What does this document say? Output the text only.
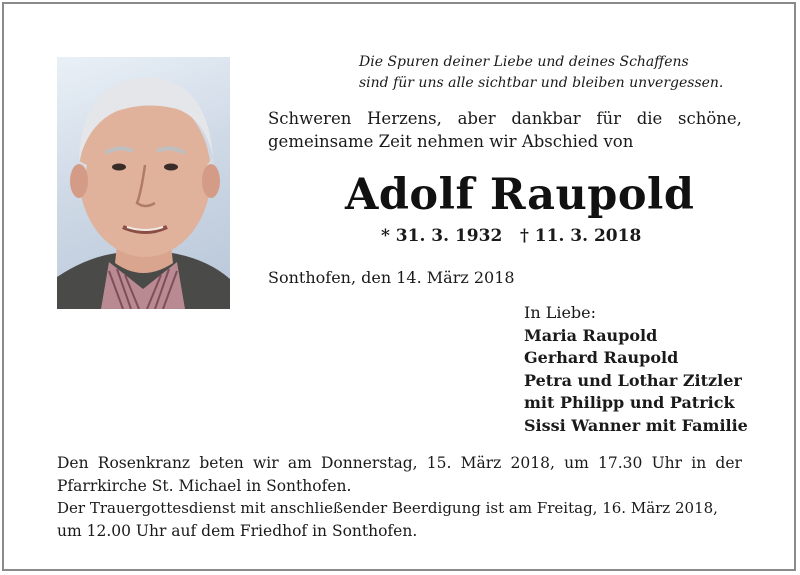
Die Spuren deiner Liebe und deines Schaffens
sind für uns alle sichtbar und bleiben unvergessen.
Schweren Herzens, aber dankbar für die schöne,
gemeinsame Zeit nehmen wir Abschied von
Adolf Raupold
* 31. 3. 1932 † 11. 3. 2018
Sonthofen, den 14. März 2018
In Liebe:
Maria Raupold
Gerhard Raupold
Petra und Lothar Zitzler
mit Philipp und Patrick
Sissi Wanner mit Familie
Den Rosenkranz beten wir am Donnerstag, 15. März 2018, um 17.30 Uhr in der
Pfarrkirche St. Michael in Sonthofen.
Der Trauergottesdienst mit anschließender Beerdigung ist am Freitag, 16. März 2018,
um 12.00 Uhr auf dem Friedhof in Sonthofen.
